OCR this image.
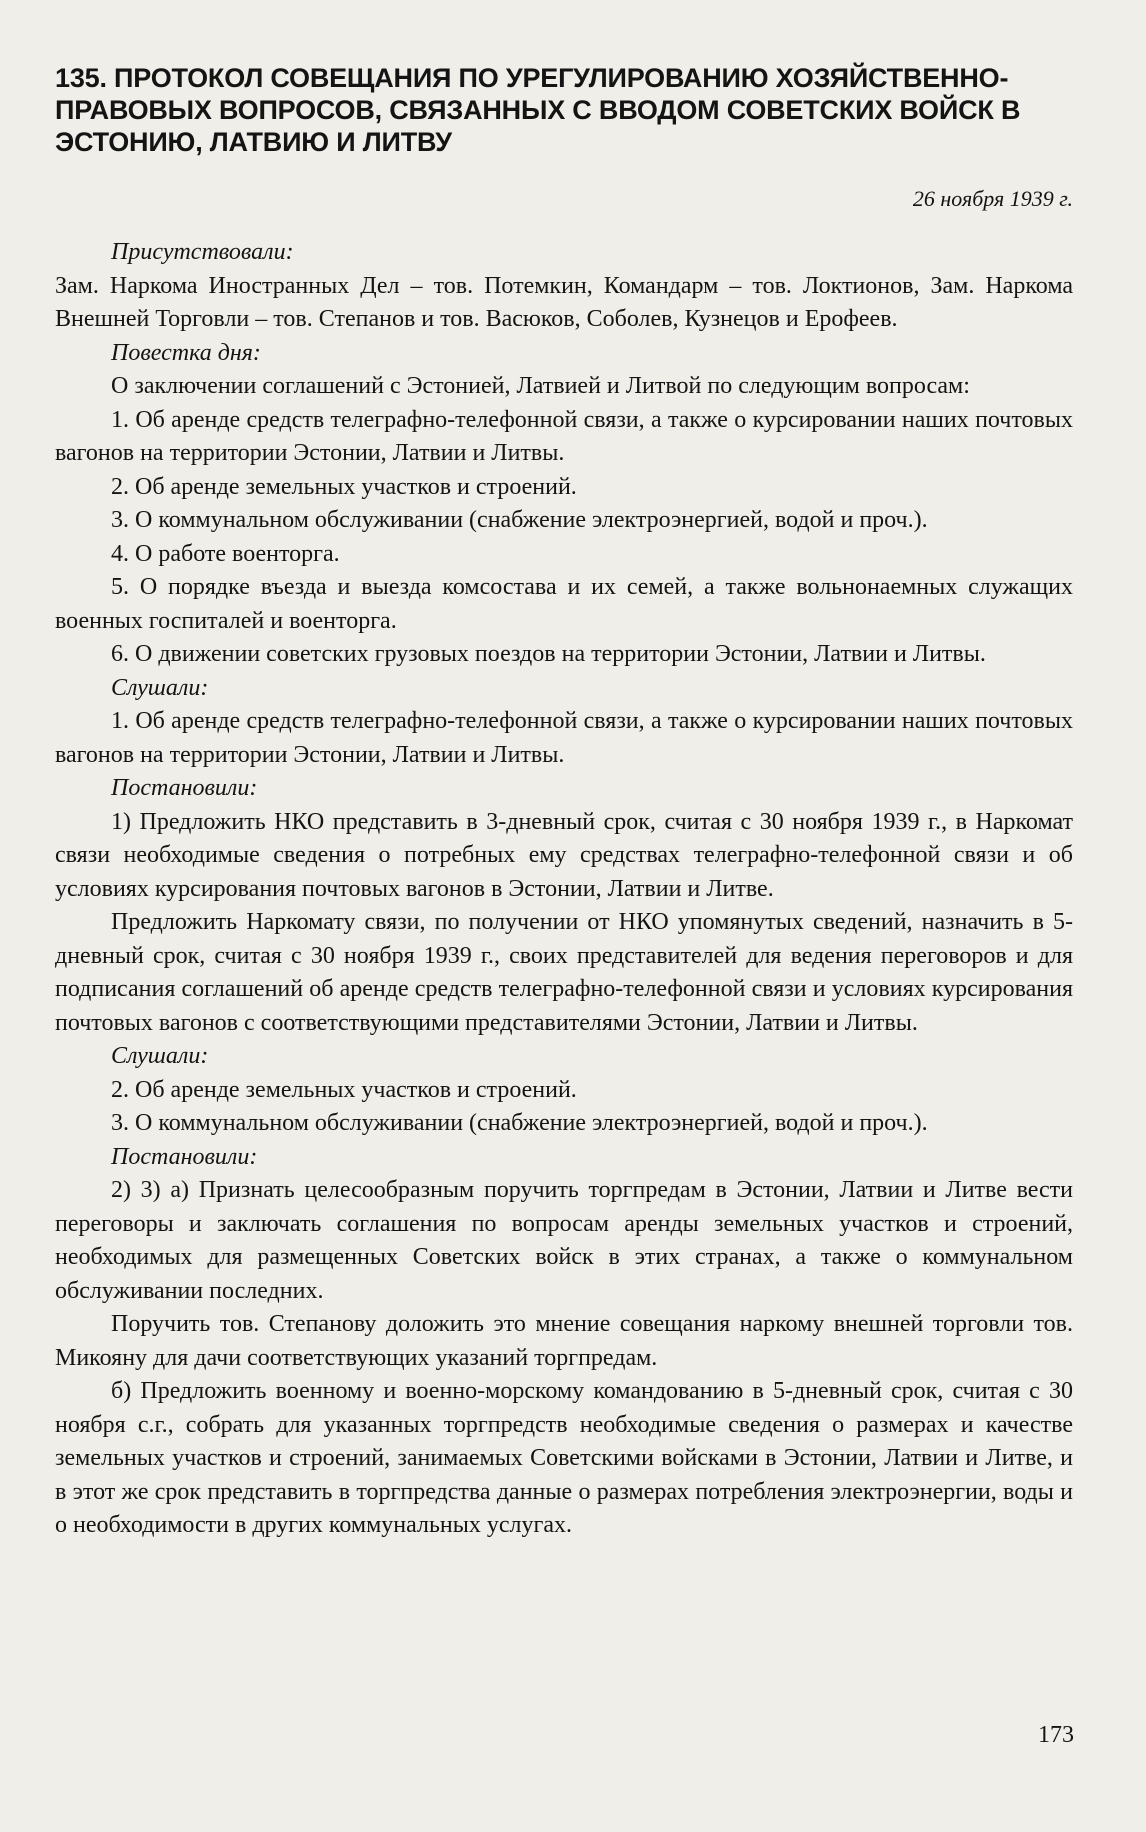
135. ПРОТОКОЛ СОВЕЩАНИЯ ПО УРЕГУЛИРОВАНИЮ ХОЗЯЙСТВЕННО-ПРАВОВЫХ ВОПРОСОВ, СВЯЗАННЫХ С ВВОДОМ СОВЕТСКИХ ВОЙСК В ЭСТОНИЮ, ЛАТВИЮ И ЛИТВУ
26 ноября 1939 г.

Присутствовали:

Зам. Наркома Иностранных Дел – тов. Потемкин, Командарм – тов. Локтионов, Зам. Наркома Внешней Торговли – тов. Степанов и тов. Васюков, Соболев, Кузнецов и Ерофеев.

Повестка дня:

О заключении соглашений с Эстонией, Латвией и Литвой по следующим вопросам:

1. Об аренде средств телеграфно-телефонной связи, а также о курсировании наших почтовых вагонов на территории Эстонии, Латвии и Литвы.

2. Об аренде земельных участков и строений.

3. О коммунальном обслуживании (снабжение электроэнергией, водой и проч.).

4. О работе военторга.

5. О порядке въезда и выезда комсостава и их семей, а также вольнонаемных служащих военных госпиталей и военторга.

6. О движении советских грузовых поездов на территории Эстонии, Латвии и Литвы.

Слушали:

1. Об аренде средств телеграфно-телефонной связи, а также о курсировании наших почтовых вагонов на территории Эстонии, Латвии и Литвы.

Постановили:

1) Предложить НКО представить в 3-дневный срок, считая с 30 ноября 1939 г., в Наркомат связи необходимые сведения о потребных ему средствах телеграфно-телефонной связи и об условиях курсирования почтовых вагонов в Эстонии, Латвии и Литве.

Предложить Наркомату связи, по получении от НКО упомянутых сведений, назначить в 5-дневный срок, считая с 30 ноября 1939 г., своих представителей для ведения переговоров и для подписания соглашений об аренде средств телеграфно-телефонной связи и условиях курсирования почтовых вагонов с соответствующими представителями Эстонии, Латвии и Литвы.

Слушали:

2. Об аренде земельных участков и строений.

3. О коммунальном обслуживании (снабжение электроэнергией, водой и проч.).

Постановили:

2) 3) а) Признать целесообразным поручить торгпредам в Эстонии, Латвии и Литве вести переговоры и заключать соглашения по вопросам аренды земельных участков и строений, необходимых для размещенных Советских войск в этих странах, а также о коммунальном обслуживании последних.

Поручить тов. Степанову доложить это мнение совещания наркому внешней торговли тов. Микояну для дачи соответствующих указаний торгпредам.

б) Предложить военному и военно-морскому командованию в 5-дневный срок, считая с 30 ноября с.г., собрать для указанных торгпредств необходимые сведения о размерах и качестве земельных участков и строений, занимаемых Советскими войсками в Эстонии, Латвии и Литве, и в этот же срок представить в торгпредства данные о размерах потребления электроэнергии, воды и о необходимости в других коммунальных услугах.

173
